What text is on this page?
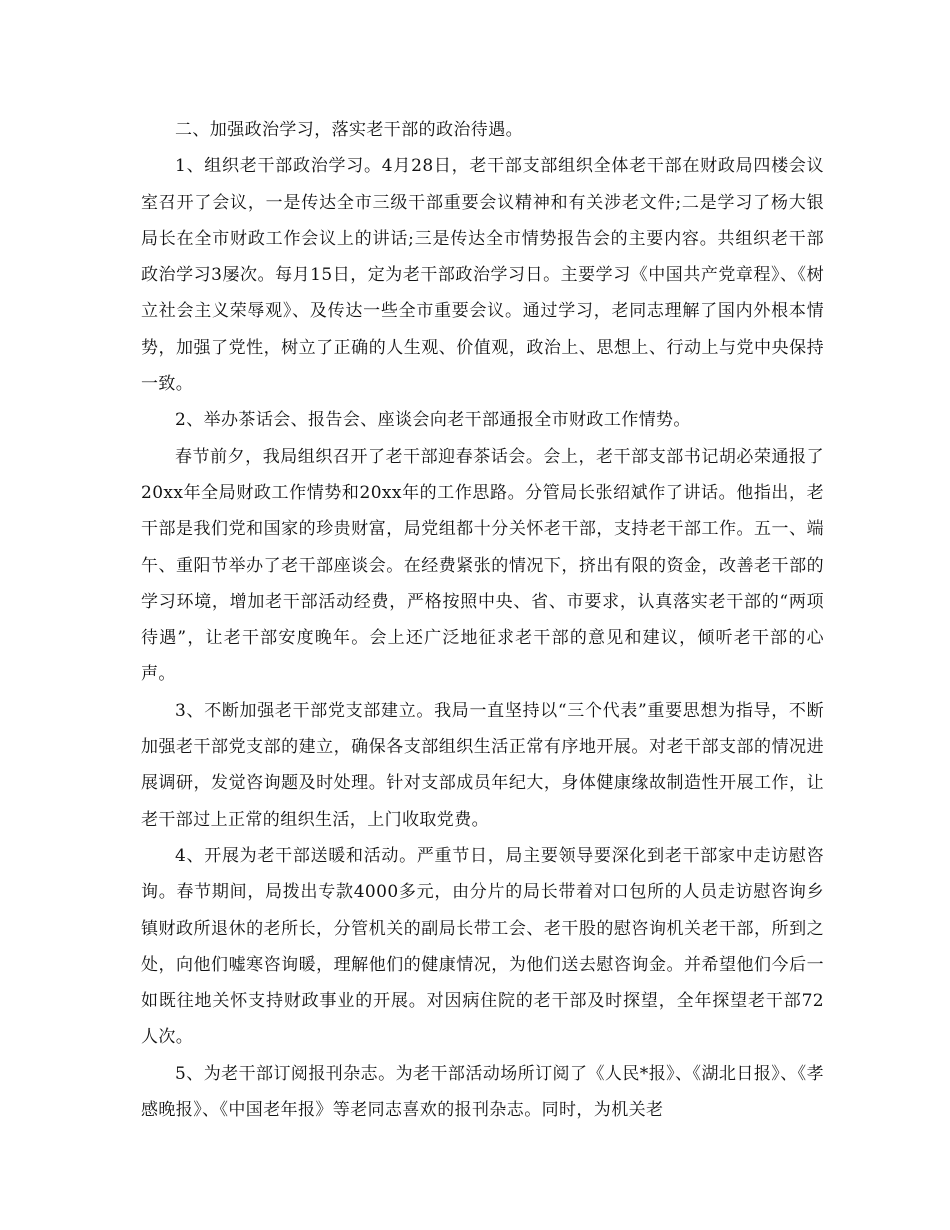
二、加强政治学习，落实老干部的政治待遇。

1、组织老干部政治学习。4月28日，老干部支部组织全体老干部在财政局四楼会议室召开了会议，一是传达全市三级干部重要会议精神和有关涉老文件;二是学习了杨大银局长在全市财政工作会议上的讲话;三是传达全市情势报告会的主要内容。共组织老干部政治学习3屡次。每月15日，定为老干部政治学习日。主要学习《中国共产党章程》、《树立社会主义荣辱观》、及传达一些全市重要会议。通过学习，老同志理解了国内外根本情势，加强了党性，树立了正确的人生观、价值观，政治上、思想上、行动上与党中央保持一致。

2、举办茶话会、报告会、座谈会向老干部通报全市财政工作情势。

春节前夕，我局组织召开了老干部迎春茶话会。会上，老干部支部书记胡必荣通报了20xx年全局财政工作情势和20xx年的工作思路。分管局长张绍斌作了讲话。他指出，老干部是我们党和国家的珍贵财富，局党组都十分关怀老干部，支持老干部工作。五一、端午、重阳节举办了老干部座谈会。在经费紧张的情况下，挤出有限的资金，改善老干部的学习环境，增加老干部活动经费，严格按照中央、省、市要求，认真落实老干部的“两项待遇”，让老干部安度晚年。会上还广泛地征求老干部的意见和建议，倾听老干部的心声。

3、不断加强老干部党支部建立。我局一直坚持以“三个代表”重要思想为指导，不断加强老干部党支部的建立，确保各支部组织生活正常有序地开展。对老干部支部的情况进展调研，发觉咨询题及时处理。针对支部成员年纪大，身体健康缘故制造性开展工作，让老干部过上正常的组织生活，上门收取党费。

4、开展为老干部送暖和活动。严重节日，局主要领导要深化到老干部家中走访慰咨询。春节期间，局拨出专款4000多元，由分片的局长带着对口包所的人员走访慰咨询乡镇财政所退休的老所长，分管机关的副局长带工会、老干股的慰咨询机关老干部，所到之处，向他们嘘寒咨询暖，理解他们的健康情况，为他们送去慰咨询金。并希望他们今后一如既往地关怀支持财政事业的开展。对因病住院的老干部及时探望，全年探望老干部72人次。

5、为老干部订阅报刊杂志。为老干部活动场所订阅了《人民*报》、《湖北日报》、《孝感晚报》、《中国老年报》等老同志喜欢的报刊杂志。同时，为机关老
